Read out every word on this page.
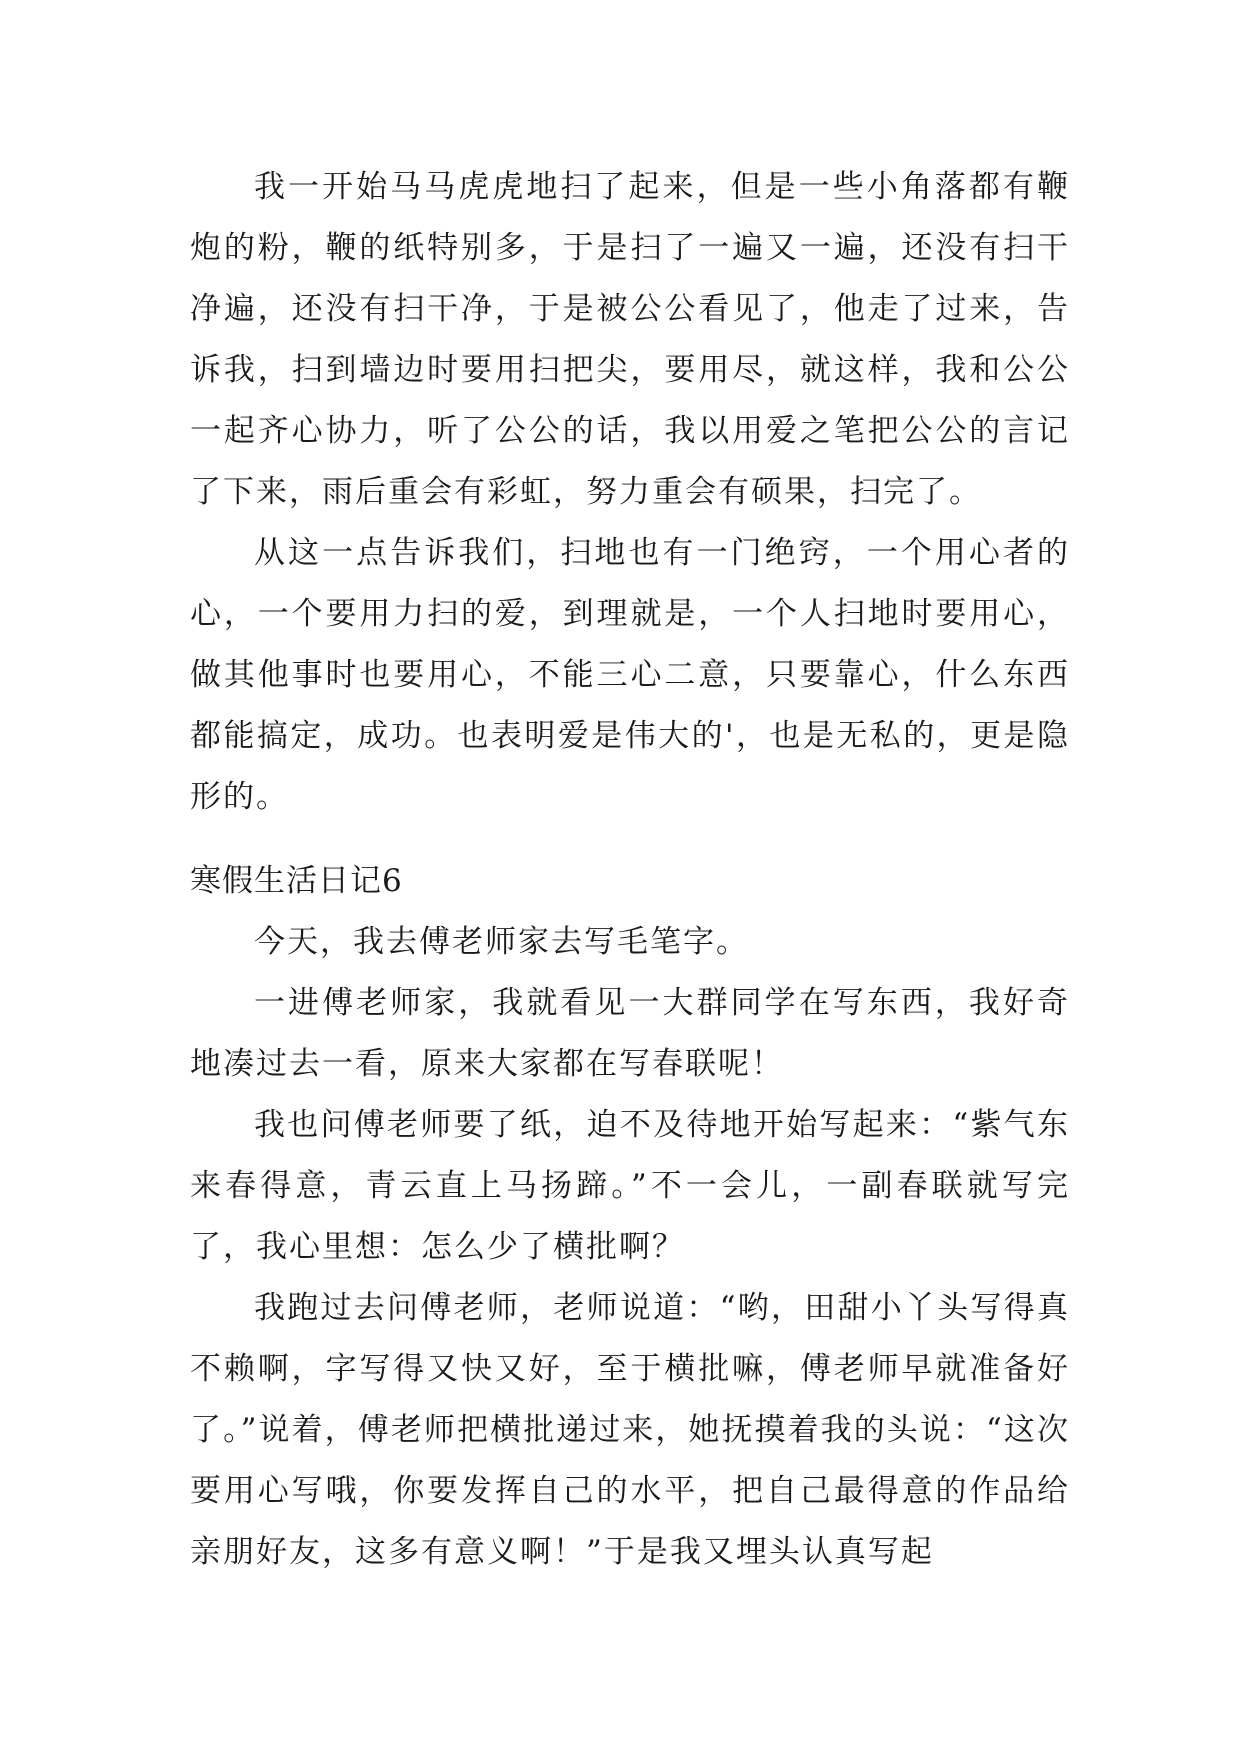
我一开始马马虎虎地扫了起来，但是一些小角落都有鞭炮的粉，鞭的纸特别多，于是扫了一遍又一遍，还没有扫干净遍，还没有扫干净，于是被公公看见了，他走了过来，告诉我，扫到墙边时要用扫把尖，要用尽，就这样，我和公公一起齐心协力，听了公公的话，我以用爱之笔把公公的言记了下来，雨后重会有彩虹，努力重会有硕果，扫完了。

从这一点告诉我们，扫地也有一门绝窍，一个用心者的心，一个要用力扫的爱，到理就是，一个人扫地时要用心，做其他事时也要用心，不能三心二意，只要靠心，什么东西都能搞定，成功。也表明爱是伟大的'，也是无私的，更是隐形的。

寒假生活日记6

今天，我去傅老师家去写毛笔字。

一进傅老师家，我就看见一大群同学在写东西，我好奇地凑过去一看，原来大家都在写春联呢！

我也问傅老师要了纸，迫不及待地开始写起来：“紫气东来春得意，青云直上马扬蹄。”不一会儿，一副春联就写完了，我心里想：怎么少了横批啊？

我跑过去问傅老师，老师说道：“哟，田甜小丫头写得真不赖啊，字写得又快又好，至于横批嘛，傅老师早就准备好了。”说着，傅老师把横批递过来，她抚摸着我的头说：“这次要用心写哦，你要发挥自己的水平，把自己最得意的作品给亲朋好友，这多有意义啊！”于是我又埋头认真写起
